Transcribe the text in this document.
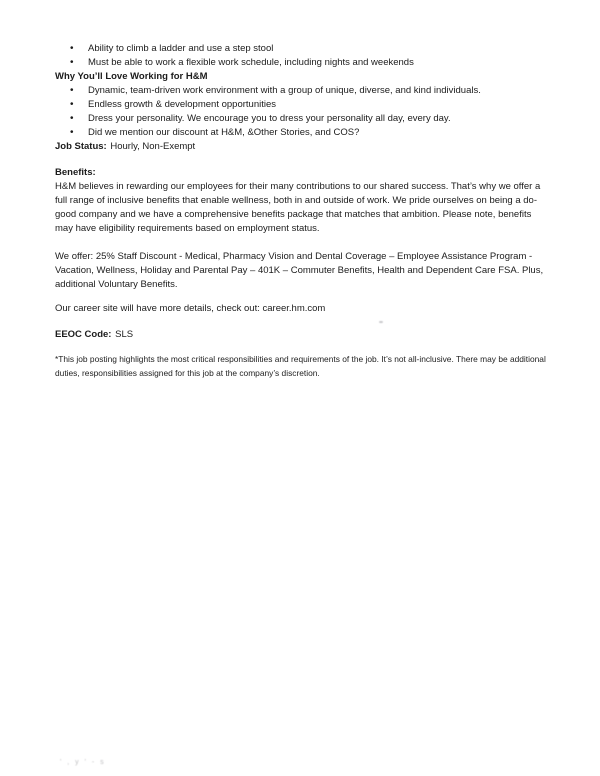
• Ability to climb a ladder and use a step stool
• Must be able to work a flexible work schedule, including nights and weekends

Why You’ll Love Working for H&M

• Dynamic, team-driven work environment with a group of unique, diverse, and kind individuals.
• Endless growth & development opportunities
• Dress your personality. We encourage you to dress your personality all day, every day.
• Did we mention our discount at H&M, &Other Stories, and COS?

Job Status: Hourly, Non-Exempt

Benefits:

H&M believes in rewarding our employees for their many contributions to our shared success. That’s why we offer a full range of inclusive benefits that enable wellness, both in and outside of work. We pride ourselves on being a do-good company and we have a comprehensive benefits package that matches that ambition. Please note, benefits may have eligibility requirements based on employment status.

We offer: 25% Staff Discount - Medical, Pharmacy Vision and Dental Coverage – Employee Assistance Program - Vacation, Wellness, Holiday and Parental Pay – 401K – Commuter Benefits, Health and Dependent Care FSA. Plus, additional Voluntary Benefits.

Our career site will have more details, check out: career.hm.com

EEOC Code: SLS

*This job posting highlights the most critical responsibilities and requirements of the job. It’s not all-inclusive. There may be additional duties, responsibilities assigned for this job at the company’s discretion.

' , y ' - s
